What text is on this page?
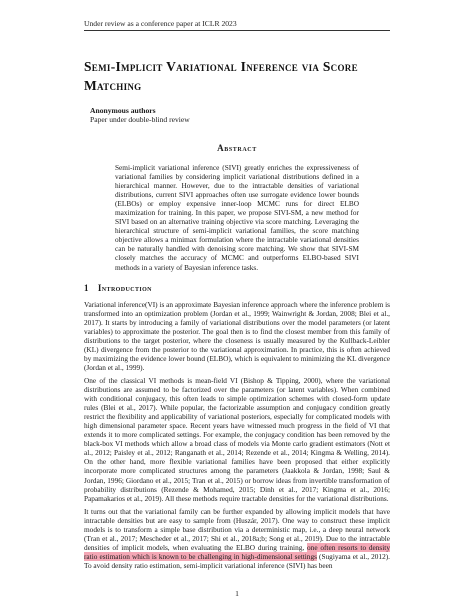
Under review as a conference paper at ICLR 2023
Semi-Implicit Variational Inference via Score Matching
Anonymous authors
Paper under double-blind review
Abstract

Semi-implicit variational inference (SIVI) greatly enriches the expressiveness of variational families by considering implicit variational distributions defined in a hierarchical manner. However, due to the intractable densities of variational distributions, current SIVI approaches often use surrogate evidence lower bounds (ELBOs) or employ expensive inner-loop MCMC runs for direct ELBO maximization for training. In this paper, we propose SIVI-SM, a new method for SIVI based on an alternative training objective via score matching. Leveraging the hierarchical structure of semi-implicit variational families, the score matching objective allows a minimax formulation where the intractable variational densities can be naturally handled with denoising score matching. We show that SIVI-SM closely matches the accuracy of MCMC and outperforms ELBO-based SIVI methods in a variety of Bayesian inference tasks.

1 Introduction

Variational inference(VI) is an approximate Bayesian inference approach where the inference problem is transformed into an optimization problem (Jordan et al., 1999; Wainwright & Jordan, 2008; Blei et al., 2017). It starts by introducing a family of variational distributions over the model parameters (or latent variables) to approximate the posterior. The goal then is to find the closest member from this family of distributions to the target posterior, where the closeness is usually measured by the Kullback-Leibler (KL) divergence from the posterior to the variational approximation. In practice, this is often achieved by maximizing the evidence lower bound (ELBO), which is equivalent to minimizing the KL divergence (Jordan et al., 1999).

One of the classical VI methods is mean-field VI (Bishop & Tipping, 2000), where the variational distributions are assumed to be factorized over the parameters (or latent variables). When combined with conditional conjugacy, this often leads to simple optimization schemes with closed-form update rules (Blei et al., 2017). While popular, the factorizable assumption and conjugacy condition greatly restrict the flexibility and applicability of variational posteriors, especially for complicated models with high dimensional parameter space. Recent years have witnessed much progress in the field of VI that extends it to more complicated settings. For example, the conjugacy condition has been removed by the black-box VI methods which allow a broad class of models via Monte carlo gradient estimators (Nott et al., 2012; Paisley et al., 2012; Ranganath et al., 2014; Rezende et al., 2014; Kingma & Welling, 2014). On the other hand, more flexible variational families have been proposed that either explicitly incorporate more complicated structures among the parameters (Jaakkola & Jordan, 1998; Saul & Jordan, 1996; Giordano et al., 2015; Tran et al., 2015) or borrow ideas from invertible transformation of probability distributions (Rezende & Mohamed, 2015; Dinh et al., 2017; Kingma et al., 2016; Papamakarios et al., 2019). All these methods require tractable densities for the variational distributions.

It turns out that the variational family can be further expanded by allowing implicit models that have intractable densities but are easy to sample from (Huszár, 2017). One way to construct these implicit models is to transform a simple base distribution via a deterministic map, i.e., a deep neural network (Tran et al., 2017; Mescheder et al., 2017; Shi et al., 2018a;b; Song et al., 2019). Due to the intractable densities of implicit models, when evaluating the ELBO during training, one often resorts to density ratio estimation which is known to be challenging in high-dimensional settings (Sugiyama et al., 2012). To avoid density ratio estimation, semi-implicit variational inference (SIVI) has been

1
